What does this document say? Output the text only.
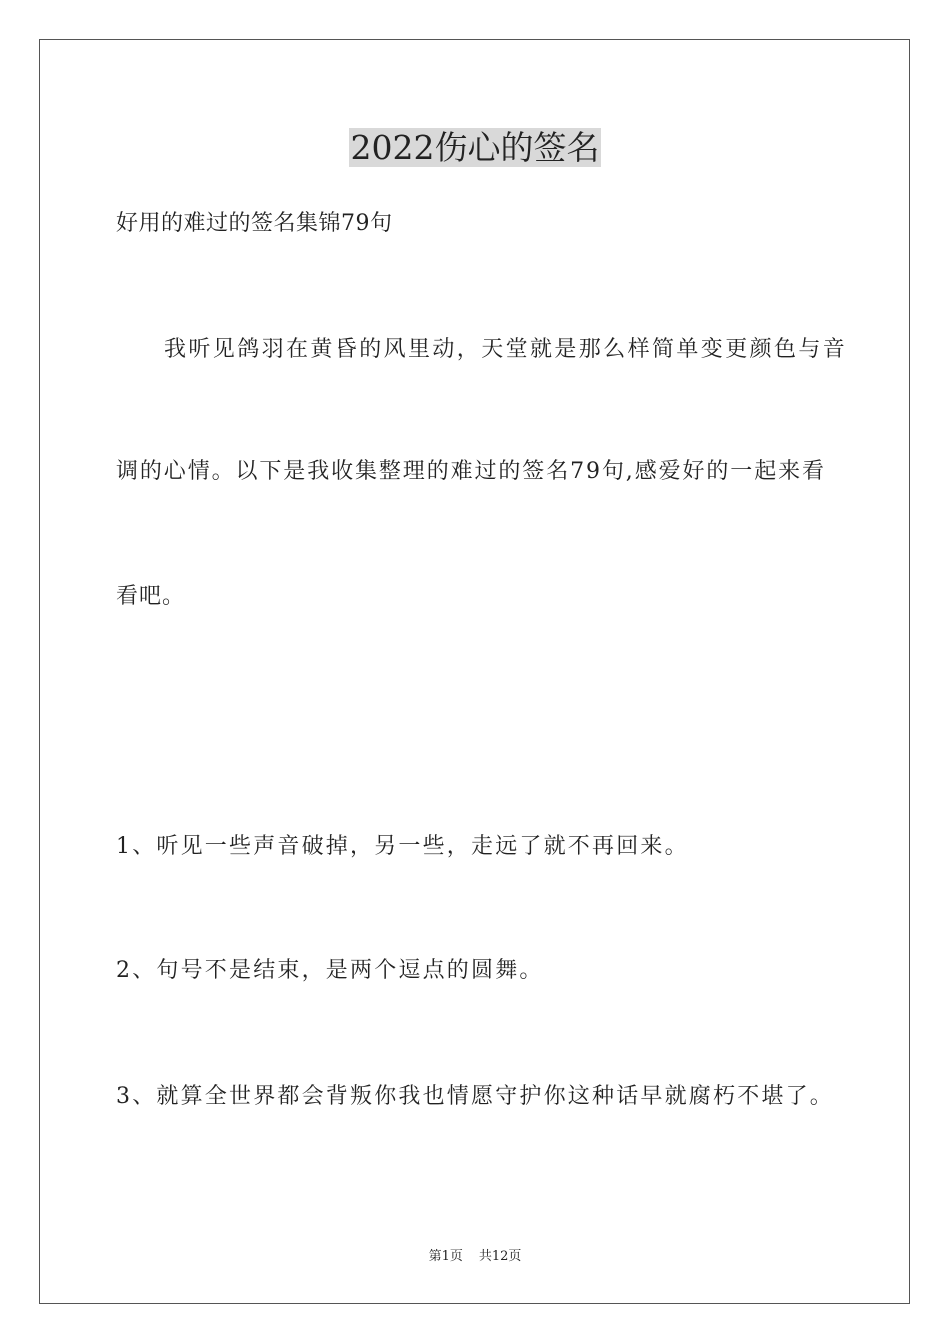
2022伤心的签名
好用的难过的签名集锦79句
我听见鸽羽在黄昏的风里动，天堂就是那么样简单变更颜色与音
调的心情。以下是我收集整理的难过的签名79句,感爱好的一起来看
看吧。
1、听见一些声音破掉，另一些，走远了就不再回来。
2、句号不是结束，是两个逗点的圆舞。
3、就算全世界都会背叛你我也情愿守护你这种话早就腐朽不堪了。
第1页 共12页
